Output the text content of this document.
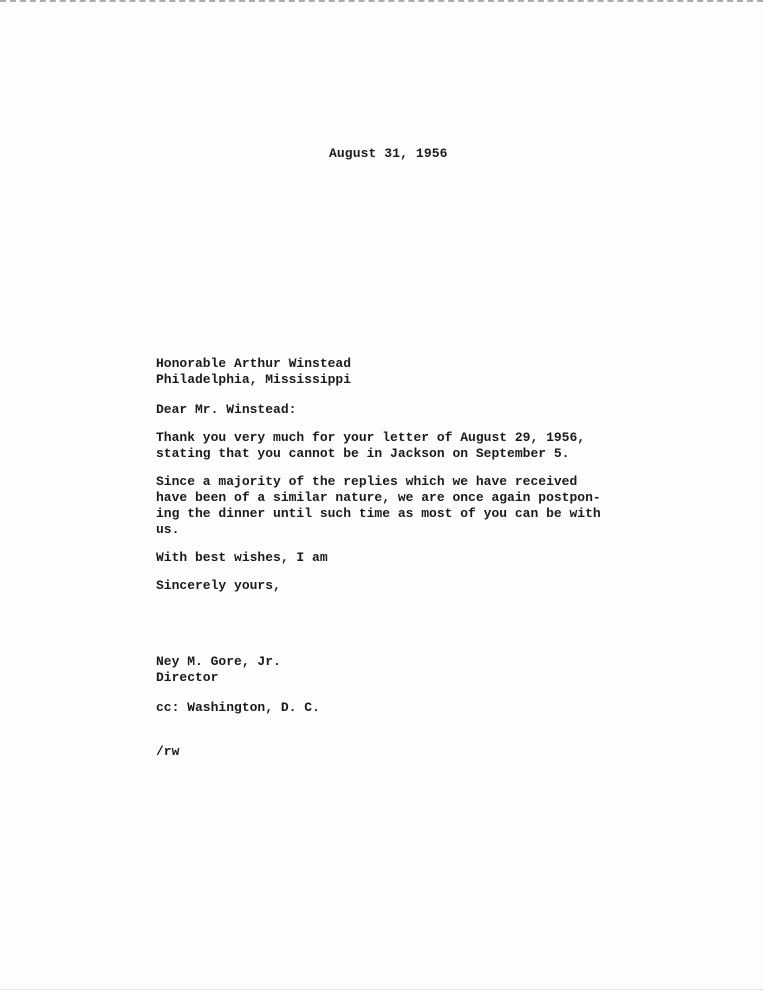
August 31, 1956
Honorable Arthur Winstead
Philadelphia, Mississippi
Dear Mr. Winstead:
Thank you very much for your letter of August 29, 1956,
stating that you cannot be in Jackson on September 5.
Since a majority of the replies which we have received
have been of a similar nature, we are once again postpon-
ing the dinner until such time as most of you can be with
us.
With best wishes, I am
Sincerely yours,
Ney M. Gore, Jr.
Director
cc: Washington, D. C.
/rw
